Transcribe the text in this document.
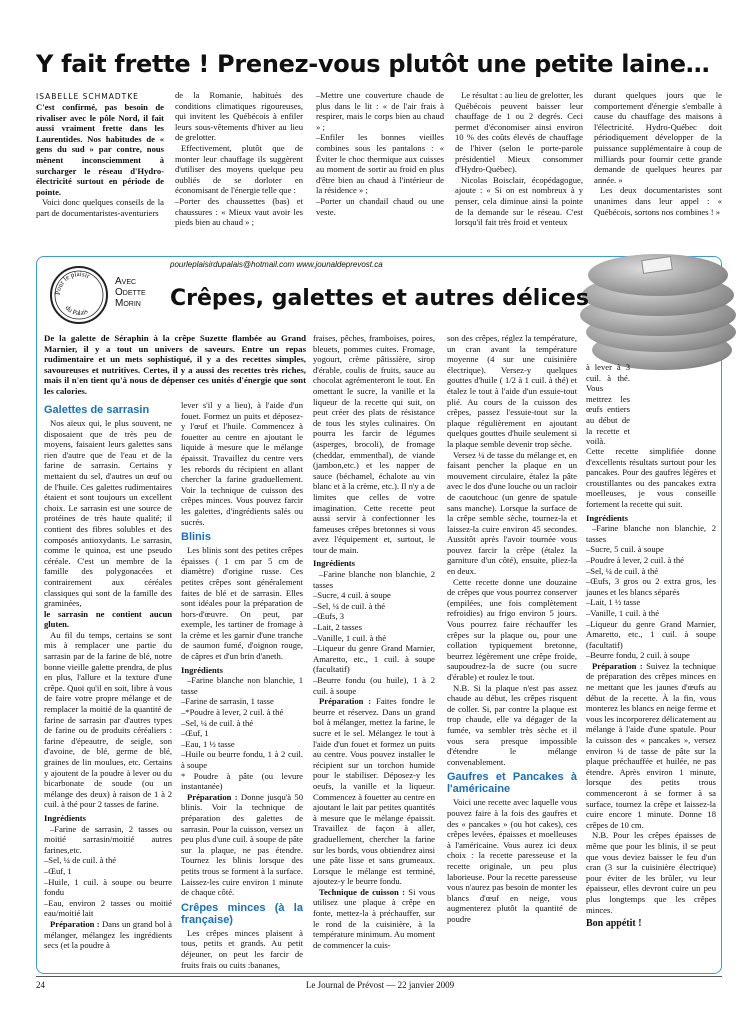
Y fait frette ! Prenez-vous plutôt une petite laine…
ISABELLE SCHMADTKE

C'est confirmé, pas besoin de rivaliser avec le pôle Nord, il fait aussi vraiment frette dans les Laurentides. Nos habitudes de « gens du sud » par contre, nous mènent inconsciemment à surcharger le réseau d'Hydro-électricité surtout en période de pointe.

Voici donc quelques conseils de la part de documentaristes-aventuriers

de la Romanie, habitués des conditions climatiques rigoureuses, qui invitent les Québécois à enfiler leurs sous-vêtements d'hiver au lieu de grelotter.

Effectivement, plutôt que de monter leur chauffage ils suggèrent d'utiliser des moyens quelque peu oubliés de se dorloter en économisant de l'énergie telle que :

–Porter des chaussettes (bas) et chaussures : « Mieux vaut avoir les pieds bien au chaud » ;

–Mettre une couverture chaude de plus dans le lit : « de l'air frais à respirer, mais le corps bien au chaud » ;

–Enfiler les bonnes vieilles combines sous les pantalons : « Éviter le choc thermique aux cuisses au moment de sortir au froid en plus d'être bien au chaud à l'intérieur de la résidence » ;

–Porter un chandail chaud ou une veste.

Le résultat : au lieu de grelotter, les Québécois peuvent baisser leur chauffage de 1 ou 2 degrés. Ceci permet d'économiser ainsi environ 10 % des coûts élevés de chauffage de l'hiver (selon le porte-parole présidentiel Mieux consommer d'Hydro-Québec).

Nicolas Boisclair, écopédagogue, ajoute : « Si on est nombreux à y penser, cela diminue ainsi la pointe de la demande sur le réseau. C'est lorsqu'il fait très froid et venteux

durant quelques jours que le comportement d'énergie s'emballe à cause du chauffage des maisons à l'électricité. Hydro-Québec doit périodiquement développer de la puissance supplémentaire à coup de milliards pour fournir cette grande demande de quelques heures par année. »

Les deux documentaristes sont unanimes dans leur appel : « Québécois, sortons nos combines ! »

Pour le plaisir
du Palais
pourleplaisirdupalais@hotmail.com www.jounaldeprevost.ca
Avec
Odette
Morin Crêpes, galettes et autres délices
De la galette de Séraphin à la crêpe Suzette flambée au Grand Marnier, il y a tout un univers de saveurs. Entre un repas rudimentaire et un mets sophistiqué, il y a des recettes simples, savoureuses et nutritives. Certes, il y a aussi des recettes très riches, mais il n'en tient qu'à nous de dépenser ces unités d'énergie que sont les calories.
Galettes de sarrasin

Nos aïeux qui, le plus souvent, ne disposaient que de très peu de moyens, faisaient leurs galettes sans rien d'autre que de l'eau et de la farine de sarrasin. Certains y mettaient du sel, d'autres un œuf ou de l'huile. Ces galettes rudimentaires étaient et sont toujours un excellent choix. Le sarrasin est une source de protéines de très haute qualité; il contient des fibres solubles et des composés antioxydants. Le sarrasin, comme le quinoa, est une pseudo céréale. C'est un membre de la famille des polygonacées et contrairement aux céréales classiques qui sont de la famille des graminées,

le sarrasin ne contient aucun gluten.

Au fil du temps, certains se sont mis à remplacer une partie du sarrasin par de la farine de blé, notre bonne vieille galette prendra, de plus en plus, l'allure et la texture d'une crêpe. Quoi qu'il en soit, libre à vous de faire votre propre mélange et de remplacer la moitié de la quantité de farine de sarrasin par d'autres types de farine ou de produits céréaliers : farine d'épeautre, de seigle, son d'avoine, de blé, germe de blé, graines de lin moulues, etc. Certains y ajoutent de la poudre à lever ou du bicarbonate de soude (ou un mélange des deux) à raison de 1 à 2 cuil. à thé pour 2 tasses de farine.

Ingrédients

–Farine de sarrasin, 2 tasses ou moitié sarrasin/moitié autres farines,etc.
–Sel, ¼ de cuil. à thé
–Œuf, 1
–Huile, 1 cuil. à soupe ou beurre fondu
–Eau, environ 2 tasses ou moitié eau/moitié lait

Préparation : Dans un grand bol à mélanger, mélangez les ingrédients secs (et la poudre à

lever s'il y a lieu), à l'aide d'un fouet. Formez un puits et déposez-y l'œuf et l'huile. Commencez à fouetter au centre en ajoutant le liquide à mesure que le mélange épaissit. Travaillez du centre vers les rebords du récipient en allant chercher la farine graduellement. Voir la technique de cuisson des crêpes minces. Vous pouvez farcir les galettes, d'ingrédients salés ou sucrés.

Blinis

Les blinis sont des petites crêpes épaisses ( 1 cm par 5 cm de diamètre) d'origine russe. Ces petites crêpes sont généralement faites de blé et de sarrasin. Elles sont idéales pour la préparation de hors-d'œuvre. On peut, par exemple, les tartiner de fromage à la crème et les garnir d'une tranche de saumon fumé, d'oignon rouge, de câpres et d'un brin d'aneth.

Ingrédients

–Farine blanche non blanchie, 1 tasse
–Farine de sarrasin, 1 tasse
–*Poudre à lever, 2 cuil. à thé
–Sel, ¼ de cuil. à thé
–Œuf, 1
–Eau, 1 ½ tasse
–Huile ou beurre fondu, 1 à 2 cuil. à soupe
* Poudre à pâte (ou levure instantanée)

Préparation : Donne jusqu'à 50 blinis. Voir la technique de préparation des galettes de sarrasin. Pour la cuisson, versez un peu plus d'une cuil. à soupe de pâte sur la plaque, ne pas étendre. Tournez les blinis lorsque des petits trous se forment à la surface. Laissez-les cuire environ 1 minute de chaque côté.

Crêpes minces (à la française)

Les crêpes minces plaisent à tous, petits et grands. Au petit déjeuner, on peut les farcir de fruits frais ou cuits :bananes,

fraises, pêches, framboises, poires, bleuets, pommes cuites. Fromage, yogourt, crème pâtissière, sirop d'érable, coulis de fruits, sauce au chocolat agrémenteront le tout. En omettant le sucre, la vanille et la liqueur de la recette qui suit, on peut créer des plats de résistance de tous les styles culinaires. On pourra les farcir de légumes (asperges, brocoli), de fromage (cheddar, emmenthal), de viande (jambon,etc.) et les napper de sauce (béchamel, échalote au vin blanc et à la crème, etc.). Il n'y a de limites que celles de votre imagination. Cette recette peut aussi servir à confectionner les fameuses crêpes bretonnes si vous avez l'équipement et, surtout, le tour de main.

Ingrédients

–Farine blanche non blanchie, 2 tasses
–Sucre, 4 cuil. à soupe
–Sel, ¼ de cuil. à thé
–Œufs, 3
–Lait, 2 tasses
–Vanille, 1 cuil. à thé
–Liqueur du genre Grand Marnier, Amaretto, etc., 1 cuil. à soupe (facultatif)
–Beurre fondu (ou huile), 1 à 2 cuil. à soupe

Préparation : Faites fondre le beurre et réservez. Dans un grand bol à mélanger, mettez la farine, le sucre et le sel. Mélangez le tout à l'aide d'un fouet et formez un puits au centre. Vous pouvez installer le récipient sur un torchon humide pour le stabiliser. Déposez-y les oeufs, la vanille et la liqueur. Commencez à fouetter au centre en ajoutant le lait par petites quantités à mesure que le mélange épaissit. Travaillez de façon à aller, graduellement, chercher la farine sur les bords, vous obtiendrez ainsi une pâte lisse et sans grumeaux. Lorsque le mélange est terminé, ajoutez-y le beurre fondu.

Technique de cuisson : Si vous utilisez une plaque à crêpe en fonte, mettez-la à préchauffer, sur le rond de la cuisinière, à la température minimum. Au moment de commencer la cuis-

son des crêpes, réglez la température, un cran avant la température moyenne (4 sur une cuisinière électrique). Versez-y quelques gouttes d'huile ( 1/2 à 1 cuil. à thé) et étalez le tout à l'aide d'un essuie-tout plié. Au cours de la cuisson des crêpes, passez l'essuie-tout sur la plaque régulièrement en ajoutant quelques gouttes d'huile seulement si la plaque semble devenir trop sèche.

Versez ¼ de tasse du mélange et, en faisant pencher la plaque en un mouvement circulaire, étalez la pâte avec le dos d'une louche ou un racloir de caoutchouc (un genre de spatule sans manche). Lorsque la surface de la crêpe semble sèche, tournez-la et laissez-la cuire environ 45 secondes. Aussitôt après l'avoir tournée vous pouvez farcir la crêpe (étalez la garniture d'un côté), ensuite, pliez-la en deux.

Cette recette donne une douzaine de crêpes que vous pourrez conserver (empilées, une fois complètement refroidies) au frigo environ 5 jours. Vous pourrez faire réchauffer les crêpes sur la plaque ou, pour une collation typiquement bretonne, beurrez légèrement une crêpe froide, saupoudrez-la de sucre (ou sucre d'érable) et roulez le tout.

N.B. Si la plaque n'est pas assez chaude au début, les crêpes risquent de coller. Si, par contre la plaque est trop chaude, elle va dégager de la fumée, va sembler très sèche et il vous sera presque impossible d'étendre le mélange convenablement.

Gaufres et Pancakes à l'américaine

Voici une recette avec laquelle vous pouvez faire à la fois des gaufres et des « pancakes » (ou hot cakes), ces crêpes levées, épaisses et moelleuses à l'américaine. Vous aurez ici deux choix : la recette paresseuse et la recette originale, un peu plus laborieuse. Pour la recette paresseuse vous n'aurez pas besoin de monter les blancs d'œuf en neige, vous augmenterez plutôt la quantité de poudre

à lever à 3 cuil. à thé. Vous mettrez les œufs entiers au début de la recette et voilà.

Cette recette simplifiée donne d'excellents résultats surtout pour les pancakes. Pour des gaufres légères et croustillantes ou des pancakes extra moelleuses, je vous conseille fortement la recette qui suit.

Ingrédients

–Farine blanche non blanchie, 2 tasses
–Sucre, 5 cuil. à soupe
–Poudre à lever, 2 cuil. à thé
–Sel, ¼ de cuil. à thé
–Œufs, 3 gros ou 2 extra gros, les jaunes et les blancs séparés
–Lait, 1 ½ tasse
–Vanille, 1 cuil. à thé
–Liqueur du genre Grand Marnier, Amaretto, etc., 1 cuil. à soupe (facultatif)
–Beurre fondu, 2 cuil. à soupe

Préparation : Suivez la technique de préparation des crêpes minces en ne mettant que les jaunes d'œufs au début de la recette. À la fin, vous monterez les blancs en neige ferme et vous les incorporerez délicatement au mélange à l'aide d'une spatule. Pour la cuisson des « pancakes », versez environ ¼ de tasse de pâte sur la plaque préchauffée et huilée, ne pas étendre. Après environ 1 minute, lorsque des petits trous commenceront à se former à sa surface, tournez la crêpe et laissez-la cuire encore 1 minute. Donne 18 crêpes de 10 cm.

N.B. Pour les crêpes épaisses de même que pour les blinis, il se peut que vous deviez baisser le feu d'un cran (3 sur la cuisinière électrique) pour éviter de les brûler, vu leur épaisseur, elles devront cuire un peu plus longtemps que les crêpes minces.

Bon appétit !

24	Le Journal de Prévost — 22 janvier 2009
